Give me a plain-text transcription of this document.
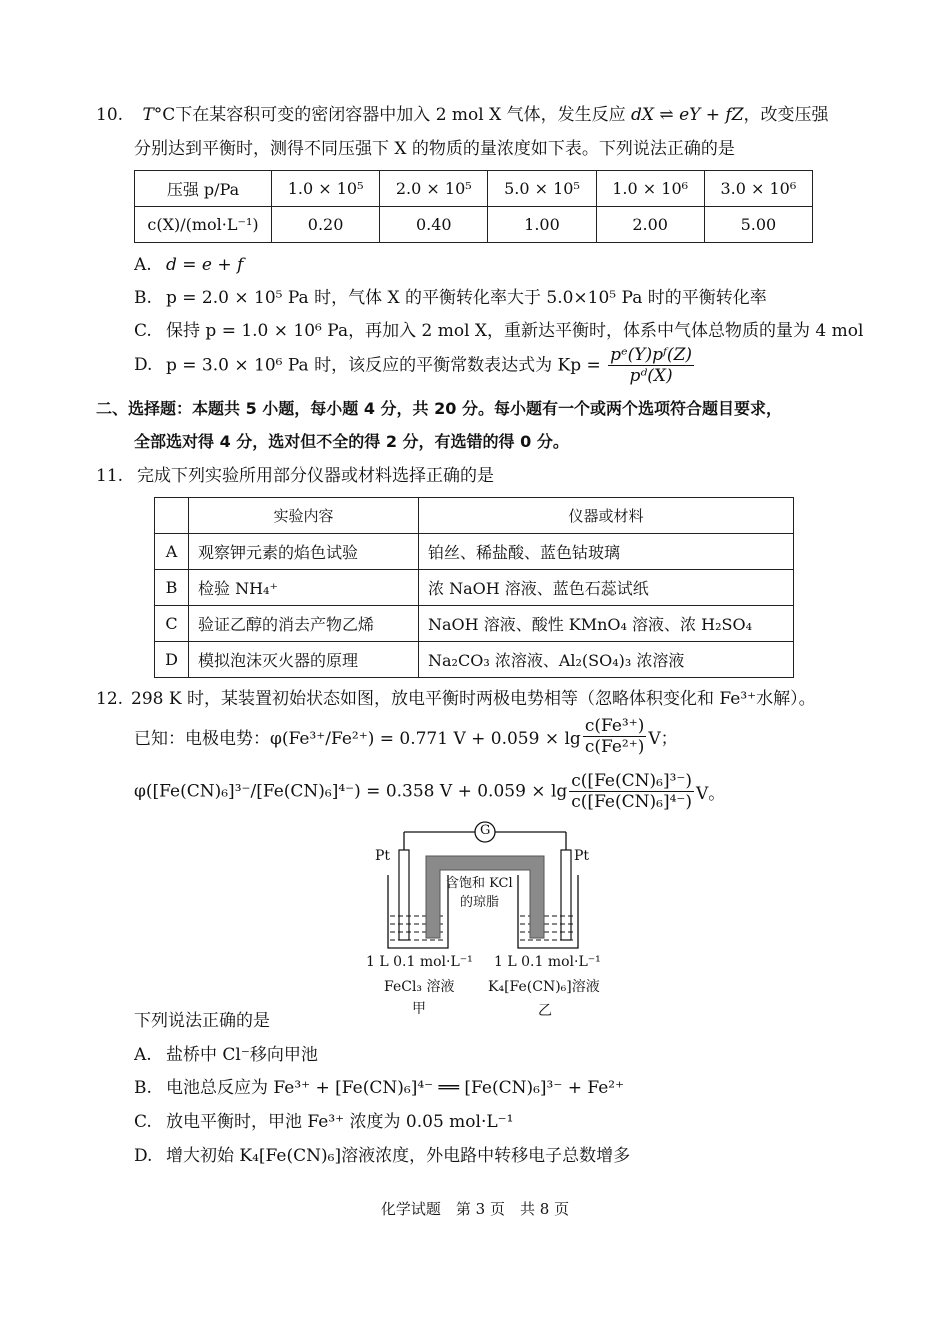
10. T°C下在某容积可变的密闭容器中加入 2 mol X 气体，发生反应 dX ⇌ eY + fZ，改变压强
分别达到平衡时，测得不同压强下 X 的物质的量浓度如下表。下列说法正确的是
压强 p/Pa	1.0 × 10⁵	2.0 × 10⁵	5.0 × 10⁵	1.0 × 10⁶	3.0 × 10⁶
c(X)/(mol·L⁻¹)	0.20	0.40	1.00	2.00	5.00
A. d = e + f
B. p = 2.0 × 10⁵ Pa 时，气体 X 的平衡转化率大于 5.0×10⁵ Pa 时的平衡转化率
C. 保持 p = 1.0 × 10⁶ Pa，再加入 2 mol X，重新达平衡时，体系中气体总物质的量为 4 mol
D. p = 3.0 × 10⁶ Pa 时，该反应的平衡常数表达式为 $Kp = \frac{\text{pᵉ(Y)pᶠ(Z)}}{\text{pᵈ(X)}}$
二、选择题：本题共 5 小题，每小题 4 分，共 20 分。每小题有一个或两个选项符合题目要求，
全部选对得 4 分，选对但不全的得 2 分，有选错的得 0 分。
11. 完成下列实验所用部分仪器或材料选择正确的是
	实验内容	仪器或材料
A	观察钾元素的焰色试验	铂丝、稀盐酸、蓝色钴玻璃
B	检验 NH₄⁺	浓 NaOH 溶液、蓝色石蕊试纸
C	验证乙醇的消去产物乙烯	NaOH 溶液、酸性 KMnO₄ 溶液、浓 H₂SO₄
D	模拟泡沫灭火器的原理	Na₂CO₃ 浓溶液、Al₂(SO₄)₃ 浓溶液
12. 298 K 时，某装置初始状态如图，放电平衡时两极电势相等（忽略体积变化和 Fe³⁺水解）。
已知：电极电势：φ(Fe³⁺/Fe²⁺) = 0.771 $V + 0.059 \times \lg \frac{\text{c(Fe³⁺)}}{\text{c(Fe²⁺)}}$ V；
φ([Fe(CN)₆]³⁻/[Fe(CN)₆]⁴⁻) = 0.358 $V + 0.059 \times \lg \frac{\text{c([Fe(CN)₆]³⁻)}}{\text{c([Fe(CN)₆]⁴⁻)}}$ V。
G
Pt	Pt
含饱和 KCl
的琼脂
1 L 0.1 mol·L⁻¹
FeCl₃ 溶液
甲
1 L 0.1 mol·L⁻¹
K₄[Fe(CN)₆]溶液
乙
下列说法正确的是
A. 盐桥中 Cl⁻移向甲池
B. 电池总反应为 Fe³⁺ + [Fe(CN)₆]⁴⁻ ══ [Fe(CN)₆]³⁻ + Fe²⁺
C. 放电平衡时，甲池 Fe³⁺ 浓度为 0.05 mol·L⁻¹
D. 增大初始 K₄[Fe(CN)₆]溶液浓度，外电路中转移电子总数增多
化学试题　第 3 页　共 8 页
